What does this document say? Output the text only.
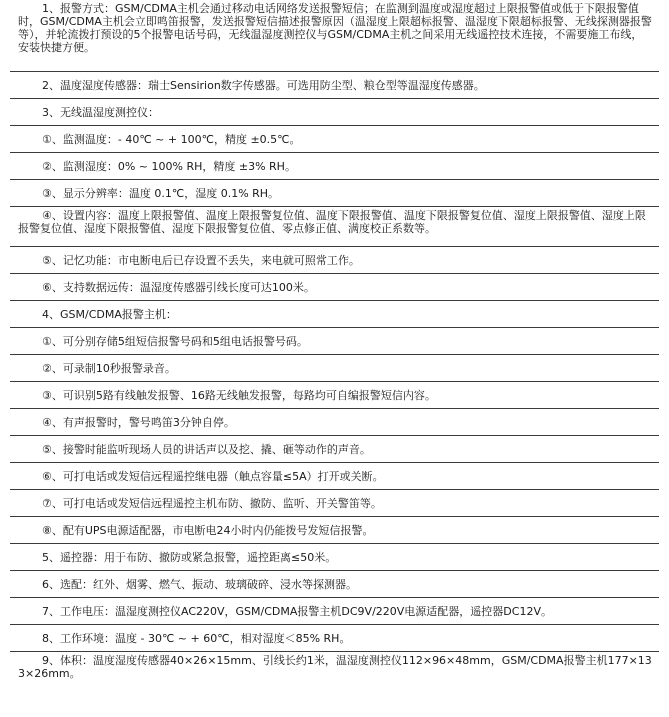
1、报警方式：GSM/CDMA主机会通过移动电话网络发送报警短信；在监测到温度或湿度超过上限报警值或低于下限报警值时，GSM/CDMA主机会立即鸣笛报警，发送报警短信描述报警原因（温湿度上限超标报警、温湿度下限超标报警、无线探测器报警等），并轮流拨打预设的5个报警电话号码，无线温湿度测控仪与GSM/CDMA主机之间采用无线遥控技术连接，不需要施工布线，安装快捷方便。
2、温度湿度传感器：瑞士Sensirion数字传感器。可选用防尘型、粮仓型等温湿度传感器。
3、无线温湿度测控仪：
①、监测温度：- 40℃ ~ + 100℃，精度 ±0.5℃。
②、监测湿度：0% ~ 100% RH，精度 ±3% RH。
③、显示分辨率：温度 0.1℃，湿度 0.1% RH。
④、设置内容：温度上限报警值、温度上限报警复位值、温度下限报警值、温度下限报警复位值、湿度上限报警值、湿度上限报警复位值、湿度下限报警值、湿度下限报警复位值、零点修正值、满度校正系数等。
⑤、记忆功能：市电断电后已存设置不丢失，来电就可照常工作。
⑥、支持数据远传：温湿度传感器引线长度可达100米。
4、GSM/CDMA报警主机：
①、可分别存储5组短信报警号码和5组电话报警号码。
②、可录制10秒报警录音。
③、可识别5路有线触发报警、16路无线触发报警，每路均可自编报警短信内容。
④、有声报警时，警号鸣笛3分钟自停。
⑤、接警时能监听现场人员的讲话声以及挖、撬、砸等动作的声音。
⑥、可打电话或发短信远程遥控继电器（触点容量≤5A）打开或关断。
⑦、可打电话或发短信远程遥控主机布防、撤防、监听、开关警笛等。
⑧、配有UPS电源适配器，市电断电24小时内仍能拨号发短信报警。
5、遥控器：用于布防、撤防或紧急报警，遥控距离≤50米。
6、选配：红外、烟雾、燃气、振动、玻璃破碎、浸水等探测器。
7、工作电压：温湿度测控仪AC220V，GSM/CDMA报警主机DC9V/220V电源适配器，遥控器DC12V。
8、工作环境：温度 - 30℃ ~ + 60℃，相对湿度＜85% RH。
9、体积：温度湿度传感器40×26×15mm、引线长约1米，温湿度测控仪112×96×48mm，GSM/CDMA报警主机177×133×26mm。
